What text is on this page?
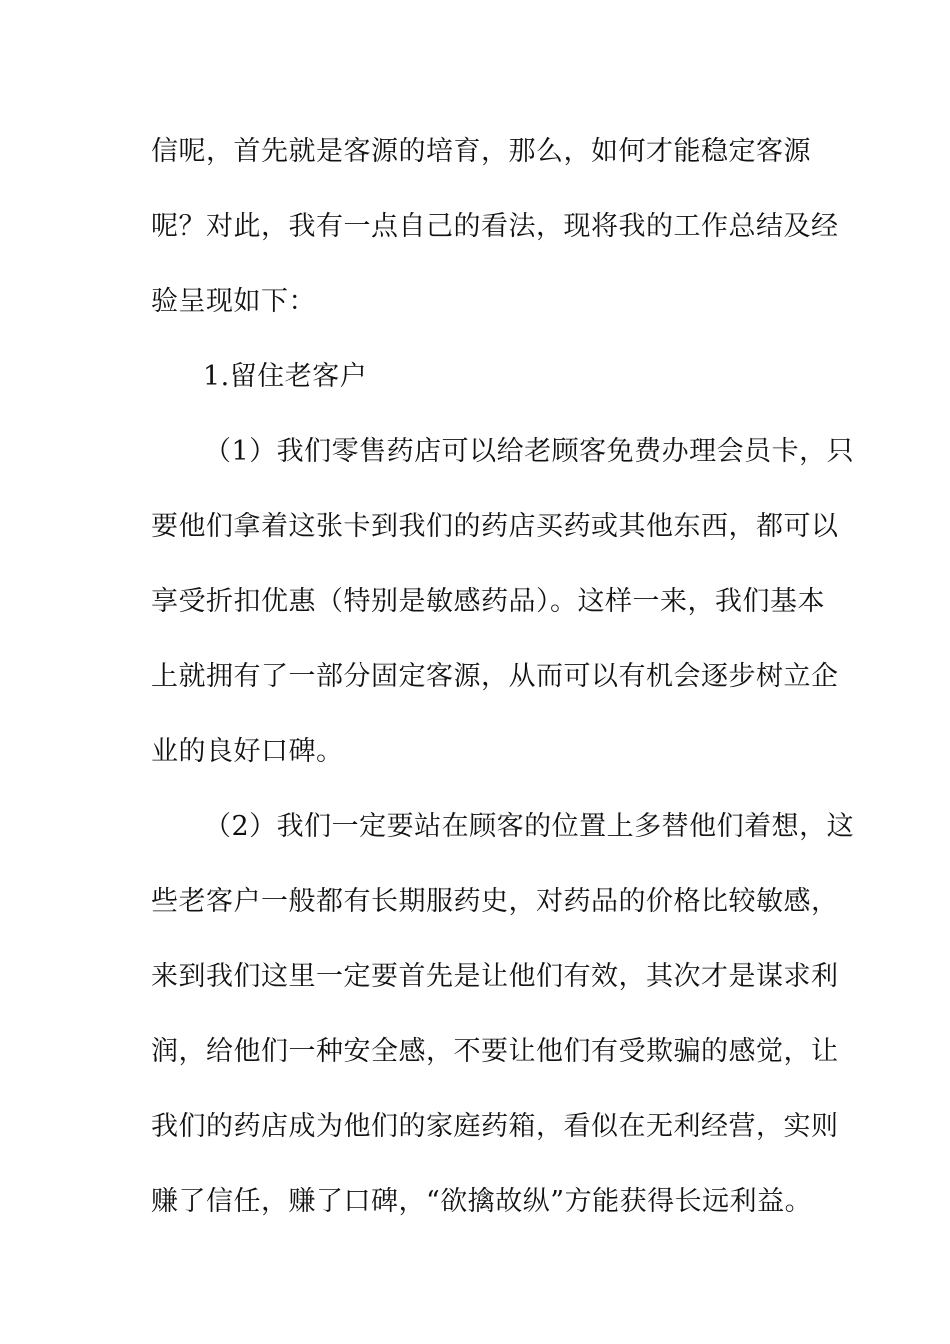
信呢，首先就是客源的培育，那么，如何才能稳定客源
呢？对此，我有一点自己的看法，现将我的工作总结及经
验呈现如下：
1.留住老客户
（1）我们零售药店可以给老顾客免费办理会员卡，只
要他们拿着这张卡到我们的药店买药或其他东西，都可以
享受折扣优惠（特别是敏感药品）。这样一来，我们基本
上就拥有了一部分固定客源，从而可以有机会逐步树立企
业的良好口碑。
（2）我们一定要站在顾客的位置上多替他们着想，这
些老客户一般都有长期服药史，对药品的价格比较敏感，
来到我们这里一定要首先是让他们有效，其次才是谋求利
润，给他们一种安全感，不要让他们有受欺骗的感觉，让
我们的药店成为他们的家庭药箱，看似在无利经营，实则
赚了信任，赚了口碑，“欲擒故纵”方能获得长远利益。
